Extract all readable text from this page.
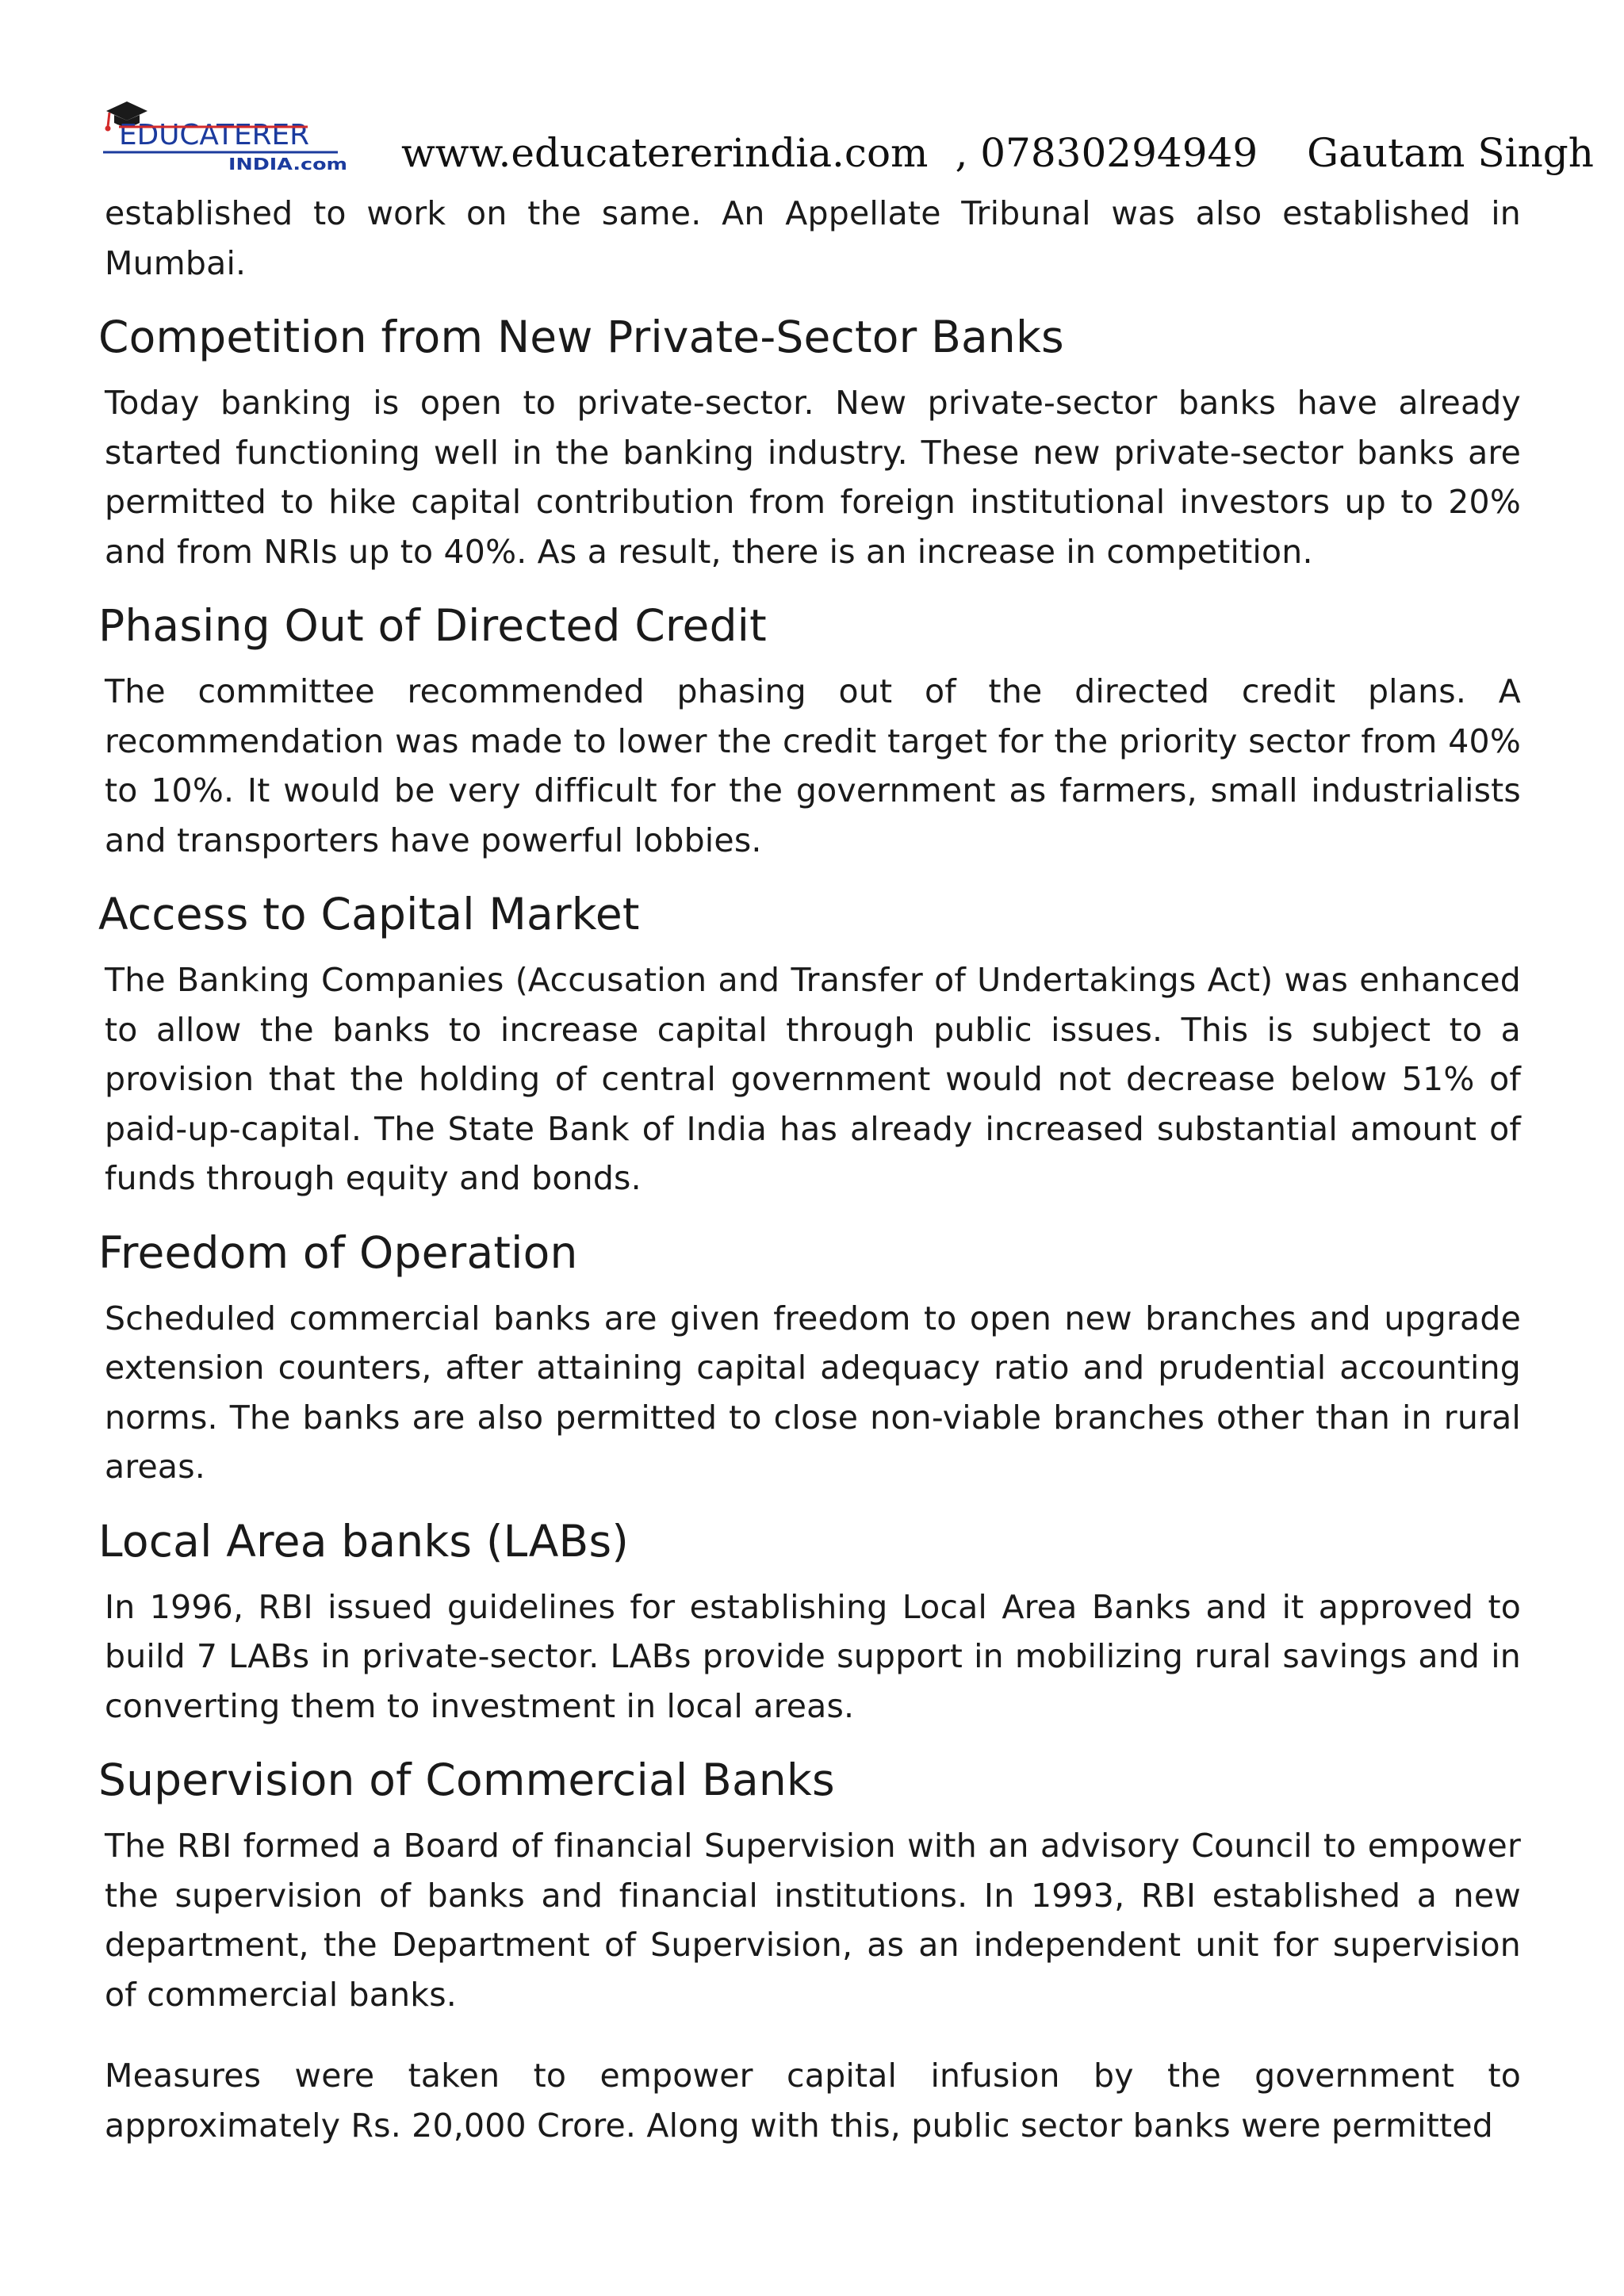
EDUCATERER
INDIA.com www.educatererindia.com , 07830294949 Gautam Singh

established to work on the same. An Appellate Tribunal was also established in Mumbai.

Competition from New Private-Sector Banks

Today banking is open to private-sector. New private-sector banks have already started functioning well in the banking industry. These new private-sector banks are permitted to hike capital contribution from foreign institutional investors up to 20% and from NRIs up to 40%. As a result, there is an increase in competition.

Phasing Out of Directed Credit

The committee recommended phasing out of the directed credit plans. A recommendation was made to lower the credit target for the priority sector from 40% to 10%. It would be very difficult for the government as farmers, small industrialists and transporters have powerful lobbies.

Access to Capital Market

The Banking Companies (Accusation and Transfer of Undertakings Act) was enhanced to allow the banks to increase capital through public issues. This is subject to a provision that the holding of central government would not decrease below 51% of paid-up-capital. The State Bank of India has already increased substantial amount of funds through equity and bonds.

Freedom of Operation

Scheduled commercial banks are given freedom to open new branches and upgrade extension counters, after attaining capital adequacy ratio and prudential accounting norms. The banks are also permitted to close non-viable branches other than in rural areas.

Local Area banks (LABs)

In 1996, RBI issued guidelines for establishing Local Area Banks and it approved to build 7 LABs in private-sector. LABs provide support in mobilizing rural savings and in converting them to investment in local areas.

Supervision of Commercial Banks

The RBI formed a Board of financial Supervision with an advisory Council to empower the supervision of banks and financial institutions. In 1993, RBI established a new department, the Department of Supervision, as an independent unit for supervision of commercial banks.

Measures were taken to empower capital infusion by the government to approximately Rs. 20,000 Crore. Along with this, public sector banks were permitted
